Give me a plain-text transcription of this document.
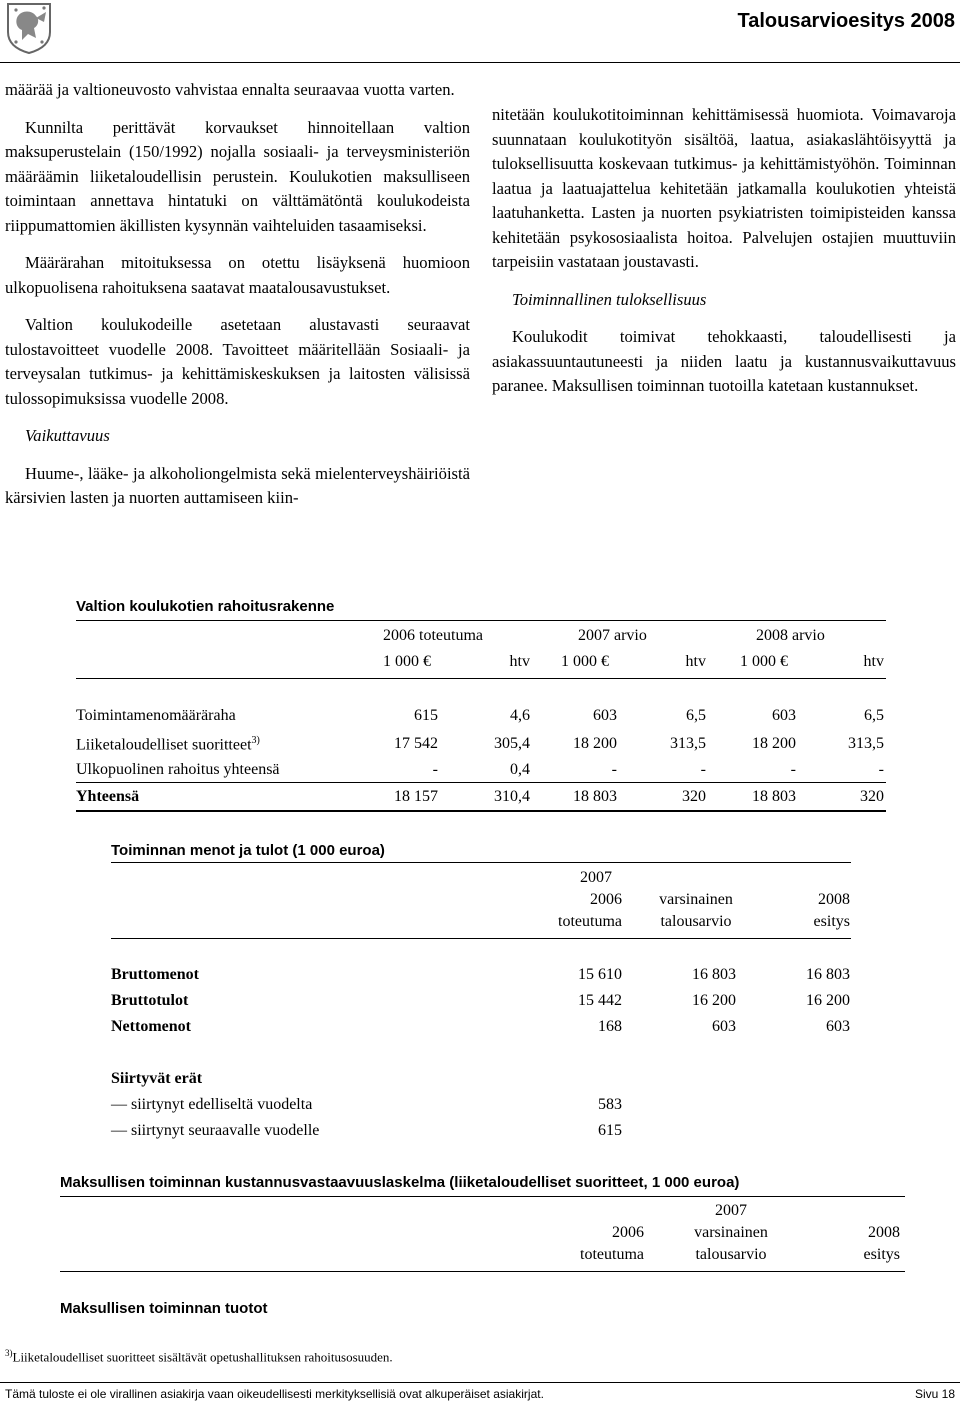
Talousarvioesitys 2008

määrää ja valtioneuvosto vahvistaa ennalta seuraavaa vuotta varten.

Kunnilta perittävät korvaukset hinnoitellaan valtion maksuperustelain (150/1992) nojalla sosiaali- ja terveysministeriön määräämin liiketaloudellisin perustein. Koulukotien maksulliseen toimintaan annettava hintatuki on välttämätöntä koulukodeista riippumattomien äkillisten kysynnän vaihteluiden tasaamiseksi.

Määrärahan mitoituksessa on otettu lisäyksenä huomioon ulkopuolisena rahoituksena saatavat maatalousavustukset.

Valtion koulukodeille asetetaan alustavasti seuraavat tulostavoitteet vuodelle 2008. Tavoitteet määritellään Sosiaali- ja terveysalan tutkimus- ja kehittämiskeskuksen ja laitosten välisissä tulossopimuksissa vuodelle 2008.

Vaikuttavuus

Huume-, lääke- ja alkoholiongelmista sekä mielenterveyshäiriöistä kärsivien lasten ja nuorten auttamiseen kiin-

nitetään koulukotitoiminnan kehittämisessä huomiota. Voimavaroja suunnataan koulukotityön sisältöä, laatua, asiakaslähtöisyyttä ja tuloksellisuutta koskevaan tutkimus- ja kehittämistyöhön. Toiminnan laatua ja laatuajattelua kehitetään jatkamalla koulukotien yhteistä laatuhanketta. Lasten ja nuorten psykiatristen toimipisteiden kanssa kehitetään psykososiaalista hoitoa. Palvelujen ostajien muuttuviin tarpeisiin vastataan joustavasti.

Toiminnallinen tuloksellisuus

Koulukodit toimivat tehokkaasti, taloudellisesti ja asiakassuuntautuneesti ja niiden laatu ja kustannusvaikuttavuus paranee. Maksullisen toiminnan tuotoilla katetaan kustannukset.

Valtion koulukotien rahoitusrakenne
2006 toteutuma	2007 arvio	2008 arvio
1 000 €	htv 1 000 €	htv 1 000 €	htv
Toimintamenomääräraha	615	4,6	603	6,5	603	6,5
Liiketaloudelliset suoritteet$^{3)}$	17 542	305,4	18 200	313,5	18 200	313,5
Ulkopuolinen rahoitus yhteensä	-	0,4	-	-	-	-
Yhteensä	18 157	310,4	18 803	320	18 803	320
Toiminnan menot ja tulot (1 000 euroa)
2007
2006	varsinainen	2008
toteutuma	talousarvio	esitys
Bruttomenot	15 610	16 803	16 803
Bruttotulot	15 442	16 200	16 200
Nettomenot	168	603	603
Siirtyvät erät
— siirtynyt edelliseltä vuodelta	583
— siirtynyt seuraavalle vuodelle	615
Maksullisen toiminnan kustannusvastaavuuslaskelma (liiketaloudelliset suoritteet, 1 000 euroa)
2007
2006	varsinainen	2008
toteutuma	talousarvio	esitys
Maksullisen toiminnan tuotot
$^{3)}$Liiketaloudelliset suoritteet sisältävät opetushallituksen rahoitusosuuden.
Tämä tuloste ei ole virallinen asiakirja vaan oikeudellisesti merkityksellisiä ovat alkuperäiset asiakirjat.	Sivu 18
